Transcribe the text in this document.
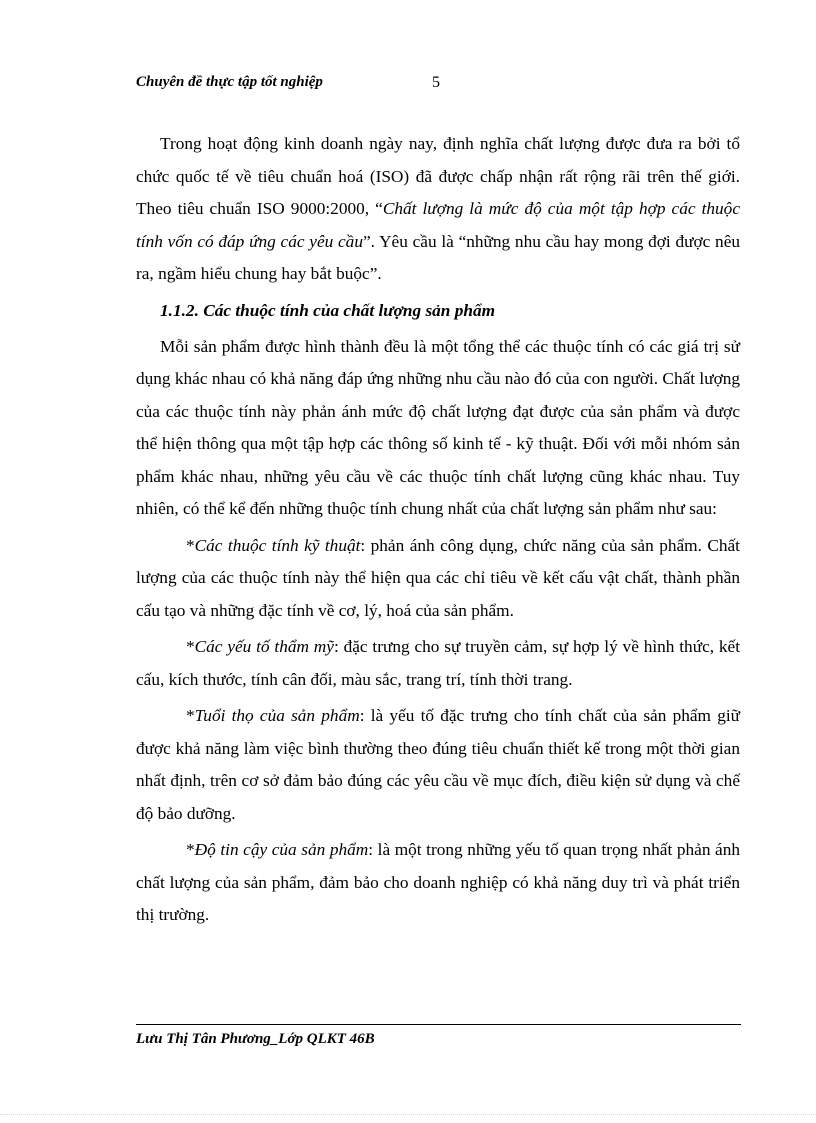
Chuyên đề thực tập tốt nghiệp	5

Trong hoạt động kinh doanh ngày nay, định nghĩa chất lượng được đưa ra bởi tổ chức quốc tế về tiêu chuẩn hoá (ISO) đã được chấp nhận rất rộng rãi trên thế giới. Theo tiêu chuẩn ISO 9000:2000, “Chất lượng là mức độ của một tập hợp các thuộc tính vốn có đáp ứng các yêu cầu”. Yêu cầu là “những nhu cầu hay mong đợi được nêu ra, ngầm hiểu chung hay bắt buộc”.

1.1.2. Các thuộc tính của chất lượng sản phẩm

Mỗi sản phẩm được hình thành đều là một tổng thể các thuộc tính có các giá trị sử dụng khác nhau có khả năng đáp ứng những nhu cầu nào đó của con người. Chất lượng của các thuộc tính này phản ánh mức độ chất lượng đạt được của sản phẩm và được thể hiện thông qua một tập hợp các thông số kinh tế - kỹ thuật. Đối với mỗi nhóm sản phẩm khác nhau, những yêu cầu về các thuộc tính chất lượng cũng khác nhau. Tuy nhiên, có thể kể đến những thuộc tính chung nhất của chất lượng sản phẩm như sau:

*Các thuộc tính kỹ thuật: phản ánh công dụng, chức năng của sản phẩm. Chất lượng của các thuộc tính này thể hiện qua các chỉ tiêu về kết cấu vật chất, thành phần cấu tạo và những đặc tính về cơ, lý, hoá của sản phẩm.

*Các yếu tố thẩm mỹ: đặc trưng cho sự truyền cảm, sự hợp lý về hình thức, kết cấu, kích thước, tính cân đối, màu sắc, trang trí, tính thời trang.

*Tuổi thọ của sản phẩm: là yếu tố đặc trưng cho tính chất của sản phẩm giữ được khả năng làm việc bình thường theo đúng tiêu chuẩn thiết kế trong một thời gian nhất định, trên cơ sở đảm bảo đúng các yêu cầu về mục đích, điều kiện sử dụng và chế độ bảo dưỡng.

*Độ tin cậy của sản phẩm: là một trong những yếu tố quan trọng nhất phản ánh chất lượng của sản phẩm, đảm bảo cho doanh nghiệp có khả năng duy trì và phát triển thị trường.

Lưu Thị Tân Phương_Lớp QLKT 46B
